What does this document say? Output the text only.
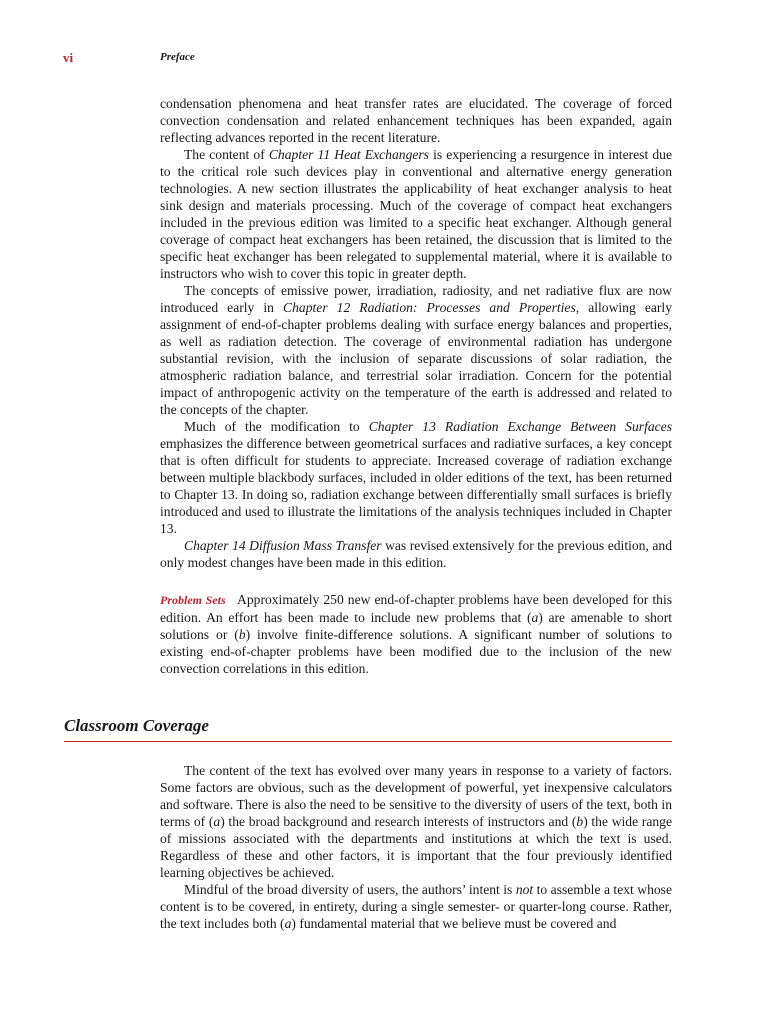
vi	Preface

condensation phenomena and heat transfer rates are elucidated. The coverage of forced convection condensation and related enhancement techniques has been expanded, again reflecting advances reported in the recent literature.

The content of Chapter 11 Heat Exchangers is experiencing a resurgence in interest due to the critical role such devices play in conventional and alternative energy generation technologies. A new section illustrates the applicability of heat exchanger analysis to heat sink design and materials processing. Much of the coverage of compact heat exchangers included in the previous edition was limited to a specific heat exchanger. Although general coverage of compact heat exchangers has been retained, the discussion that is limited to the specific heat exchanger has been relegated to supplemental material, where it is available to instructors who wish to cover this topic in greater depth.

The concepts of emissive power, irradiation, radiosity, and net radiative flux are now introduced early in Chapter 12 Radiation: Processes and Properties, allowing early assignment of end-of-chapter problems dealing with surface energy balances and properties, as well as radiation detection. The coverage of environmental radiation has undergone substantial revision, with the inclusion of separate discussions of solar radiation, the atmospheric radiation balance, and terrestrial solar irradiation. Concern for the potential impact of anthropogenic activity on the temperature of the earth is addressed and related to the concepts of the chapter.

Much of the modification to Chapter 13 Radiation Exchange Between Surfaces emphasizes the difference between geometrical surfaces and radiative surfaces, a key concept that is often difficult for students to appreciate. Increased coverage of radiation exchange between multiple blackbody surfaces, included in older editions of the text, has been returned to Chapter 13. In doing so, radiation exchange between differentially small surfaces is briefly introduced and used to illustrate the limitations of the analysis techniques included in Chapter 13.

Chapter 14 Diffusion Mass Transfer was revised extensively for the previous edition, and only modest changes have been made in this edition.

Problem Sets   Approximately 250 new end-of-chapter problems have been developed for this edition. An effort has been made to include new problems that (a) are amenable to short solutions or (b) involve finite-difference solutions. A significant number of solutions to existing end-of-chapter problems have been modified due to the inclusion of the new convection correlations in this edition.

Classroom Coverage

The content of the text has evolved over many years in response to a variety of factors. Some factors are obvious, such as the development of powerful, yet inexpensive calculators and software. There is also the need to be sensitive to the diversity of users of the text, both in terms of (a) the broad background and research interests of instructors and (b) the wide range of missions associated with the departments and institutions at which the text is used. Regardless of these and other factors, it is important that the four previously identified learning objectives be achieved.

Mindful of the broad diversity of users, the authors’ intent is not to assemble a text whose content is to be covered, in entirety, during a single semester- or quarter-long course. Rather, the text includes both (a) fundamental material that we believe must be covered and
